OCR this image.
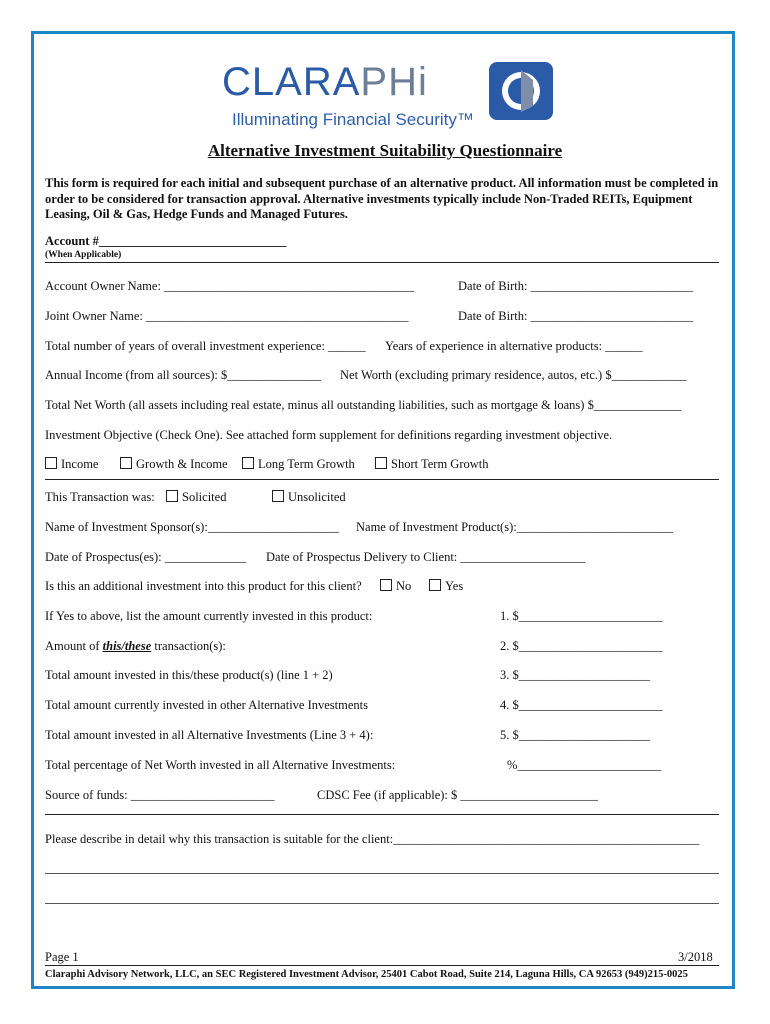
CLARAPHi
Illuminating Financial Security™
Alternative Investment Suitability Questionnaire
This form is required for each initial and subsequent purchase of an alternative product. All information must be completed in order to be considered for transaction approval. Alternative investments typically include Non-Traded REITs, Equipment Leasing, Oil & Gas, Hedge Funds and Managed Futures.
Account #______________________________
(When Applicable)
Account Owner Name: ________________________________________	Date of Birth: __________________________
Joint Owner Name: __________________________________________	Date of Birth: __________________________
Total number of years of overall investment experience: ______ Years of experience in alternative products: ______
Annual Income (from all sources): $_______________ Net Worth (excluding primary residence, autos, etc.) $____________
Total Net Worth (all assets including real estate, minus all outstanding liabilities, such as mortgage & loans) $______________
Investment Objective (Check One). See attached form supplement for definitions regarding investment objective.
Income	Growth & Income	Long Term Growth	Short Term Growth
This Transaction was:	Solicited	Unsolicited
Name of Investment Sponsor(s):_____________________ Name of Investment Product(s):_________________________
Date of Prospectus(es): _____________ Date of Prospectus Delivery to Client: ____________________
Is this an additional investment into this product for this client?	No	Yes
If Yes to above, list the amount currently invested in this product:	1. $_______________________
Amount of this/these transaction(s):	2. $_______________________
Total amount invested in this/these product(s) (line 1 + 2)	3. $_____________________
Total amount currently invested in other Alternative Investments	4. $_______________________
Total amount invested in all Alternative Investments (Line 3 + 4):	5. $_____________________
Total percentage of Net Worth invested in all Alternative Investments:	%_______________________
Source of funds: _______________________	CDSC Fee (if applicable): $ ______________________
Please describe in detail why this transaction is suitable for the client:_________________________________________________
Page 1	3/2018
Claraphi Advisory Network, LLC, an SEC Registered Investment Advisor, 25401 Cabot Road, Suite 214, Laguna Hills, CA 92653 (949)215-0025
